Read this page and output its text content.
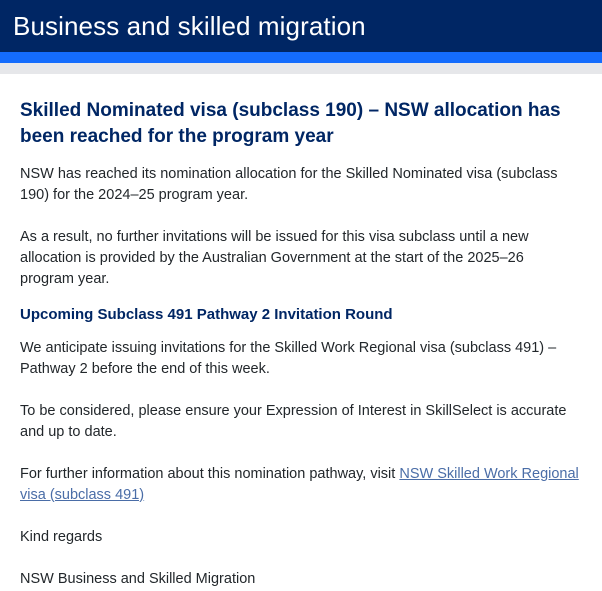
Business and skilled migration
Skilled Nominated visa (subclass 190) – NSW allocation has been reached for the program year

NSW has reached its nomination allocation for the Skilled Nominated visa (subclass 190) for the 2024–25 program year.

As a result, no further invitations will be issued for this visa subclass until a new allocation is provided by the Australian Government at the start of the 2025–26 program year.

Upcoming Subclass 491 Pathway 2 Invitation Round

We anticipate issuing invitations for the Skilled Work Regional visa (subclass 491) – Pathway 2 before the end of this week.

To be considered, please ensure your Expression of Interest in SkillSelect is accurate and up to date.

For further information about this nomination pathway, visit NSW Skilled Work Regional visa (subclass 491)

Kind regards

NSW Business and Skilled Migration
